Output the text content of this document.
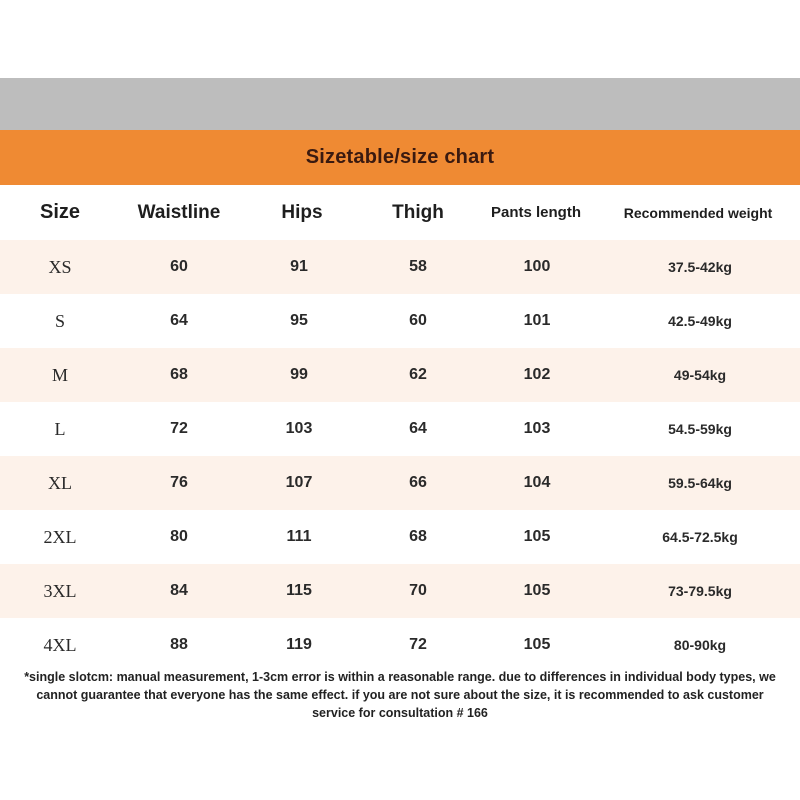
Sizetable/size chart
Size	Waistline	Hips	Thigh	Pants length	Recommended weight
XS	60	91	58	100	37.5-42kg
S	64	95	60	101	42.5-49kg
M	68	99	62	102	49-54kg
L	72	103	64	103	54.5-59kg
XL	76	107	66	104	59.5-64kg
2XL	80	111	68	105	64.5-72.5kg
3XL	84	115	70	105	73-79.5kg
4XL	88	119	72	105	80-90kg
*single slotcm: manual measurement, 1-3cm error is within a reasonable range. due to differences in individual body types, we cannot guarantee that everyone has the same effect. if you are not sure about the size, it is recommended to ask customer service for consultation # 166
